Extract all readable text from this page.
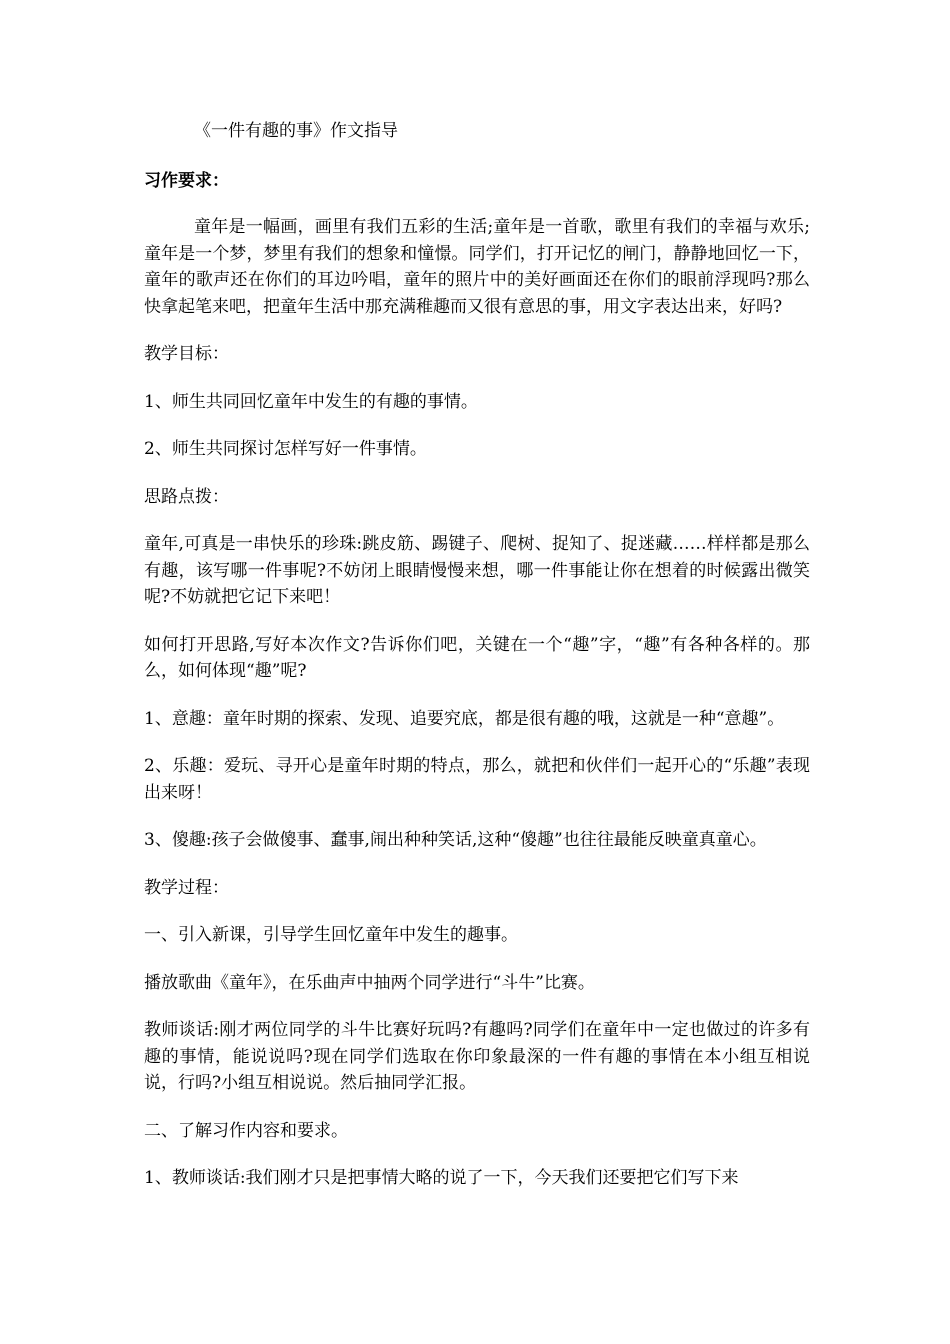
《一件有趣的事》作文指导
习作要求：

童年是一幅画，画里有我们五彩的生活;童年是一首歌，歌里有我们的幸福与欢乐;童年是一个梦，梦里有我们的想象和憧憬。同学们，打开记忆的闸门，静静地回忆一下，童年的歌声还在你们的耳边吟唱，童年的照片中的美好画面还在你们的眼前浮现吗?那么快拿起笔来吧，把童年生活中那充满稚趣而又很有意思的事，用文字表达出来，好吗?

教学目标：

1、师生共同回忆童年中发生的有趣的事情。

2、师生共同探讨怎样写好一件事情。

思路点拨：

童年,可真是一串快乐的珍珠:跳皮筋、踢键子、爬树、捉知了、捉迷藏……样样都是那么有趣，该写哪一件事呢?不妨闭上眼睛慢慢来想，哪一件事能让你在想着的时候露出微笑呢?不妨就把它记下来吧！

如何打开思路,写好本次作文?告诉你们吧，关键在一个“趣”字，“趣”有各种各样的。那么，如何体现“趣”呢?

1、意趣：童年时期的探索、发现、追要究底，都是很有趣的哦，这就是一种“意趣”。

2、乐趣：爱玩、寻开心是童年时期的特点，那么，就把和伙伴们一起开心的“乐趣”表现出来呀！

3、傻趣:孩子会做傻事、蠢事,闹出种种笑话,这种“傻趣”也往往最能反映童真童心。

教学过程：

一、引入新课，引导学生回忆童年中发生的趣事。

播放歌曲《童年》，在乐曲声中抽两个同学进行“斗牛”比赛。

教师谈话:刚才两位同学的斗牛比赛好玩吗?有趣吗?同学们在童年中一定也做过的许多有趣的事情，能说说吗?现在同学们选取在你印象最深的一件有趣的事情在本小组互相说说，行吗?小组互相说说。然后抽同学汇报。

二、了解习作内容和要求。

1、教师谈话:我们刚才只是把事情大略的说了一下，今天我们还要把它们写下来
